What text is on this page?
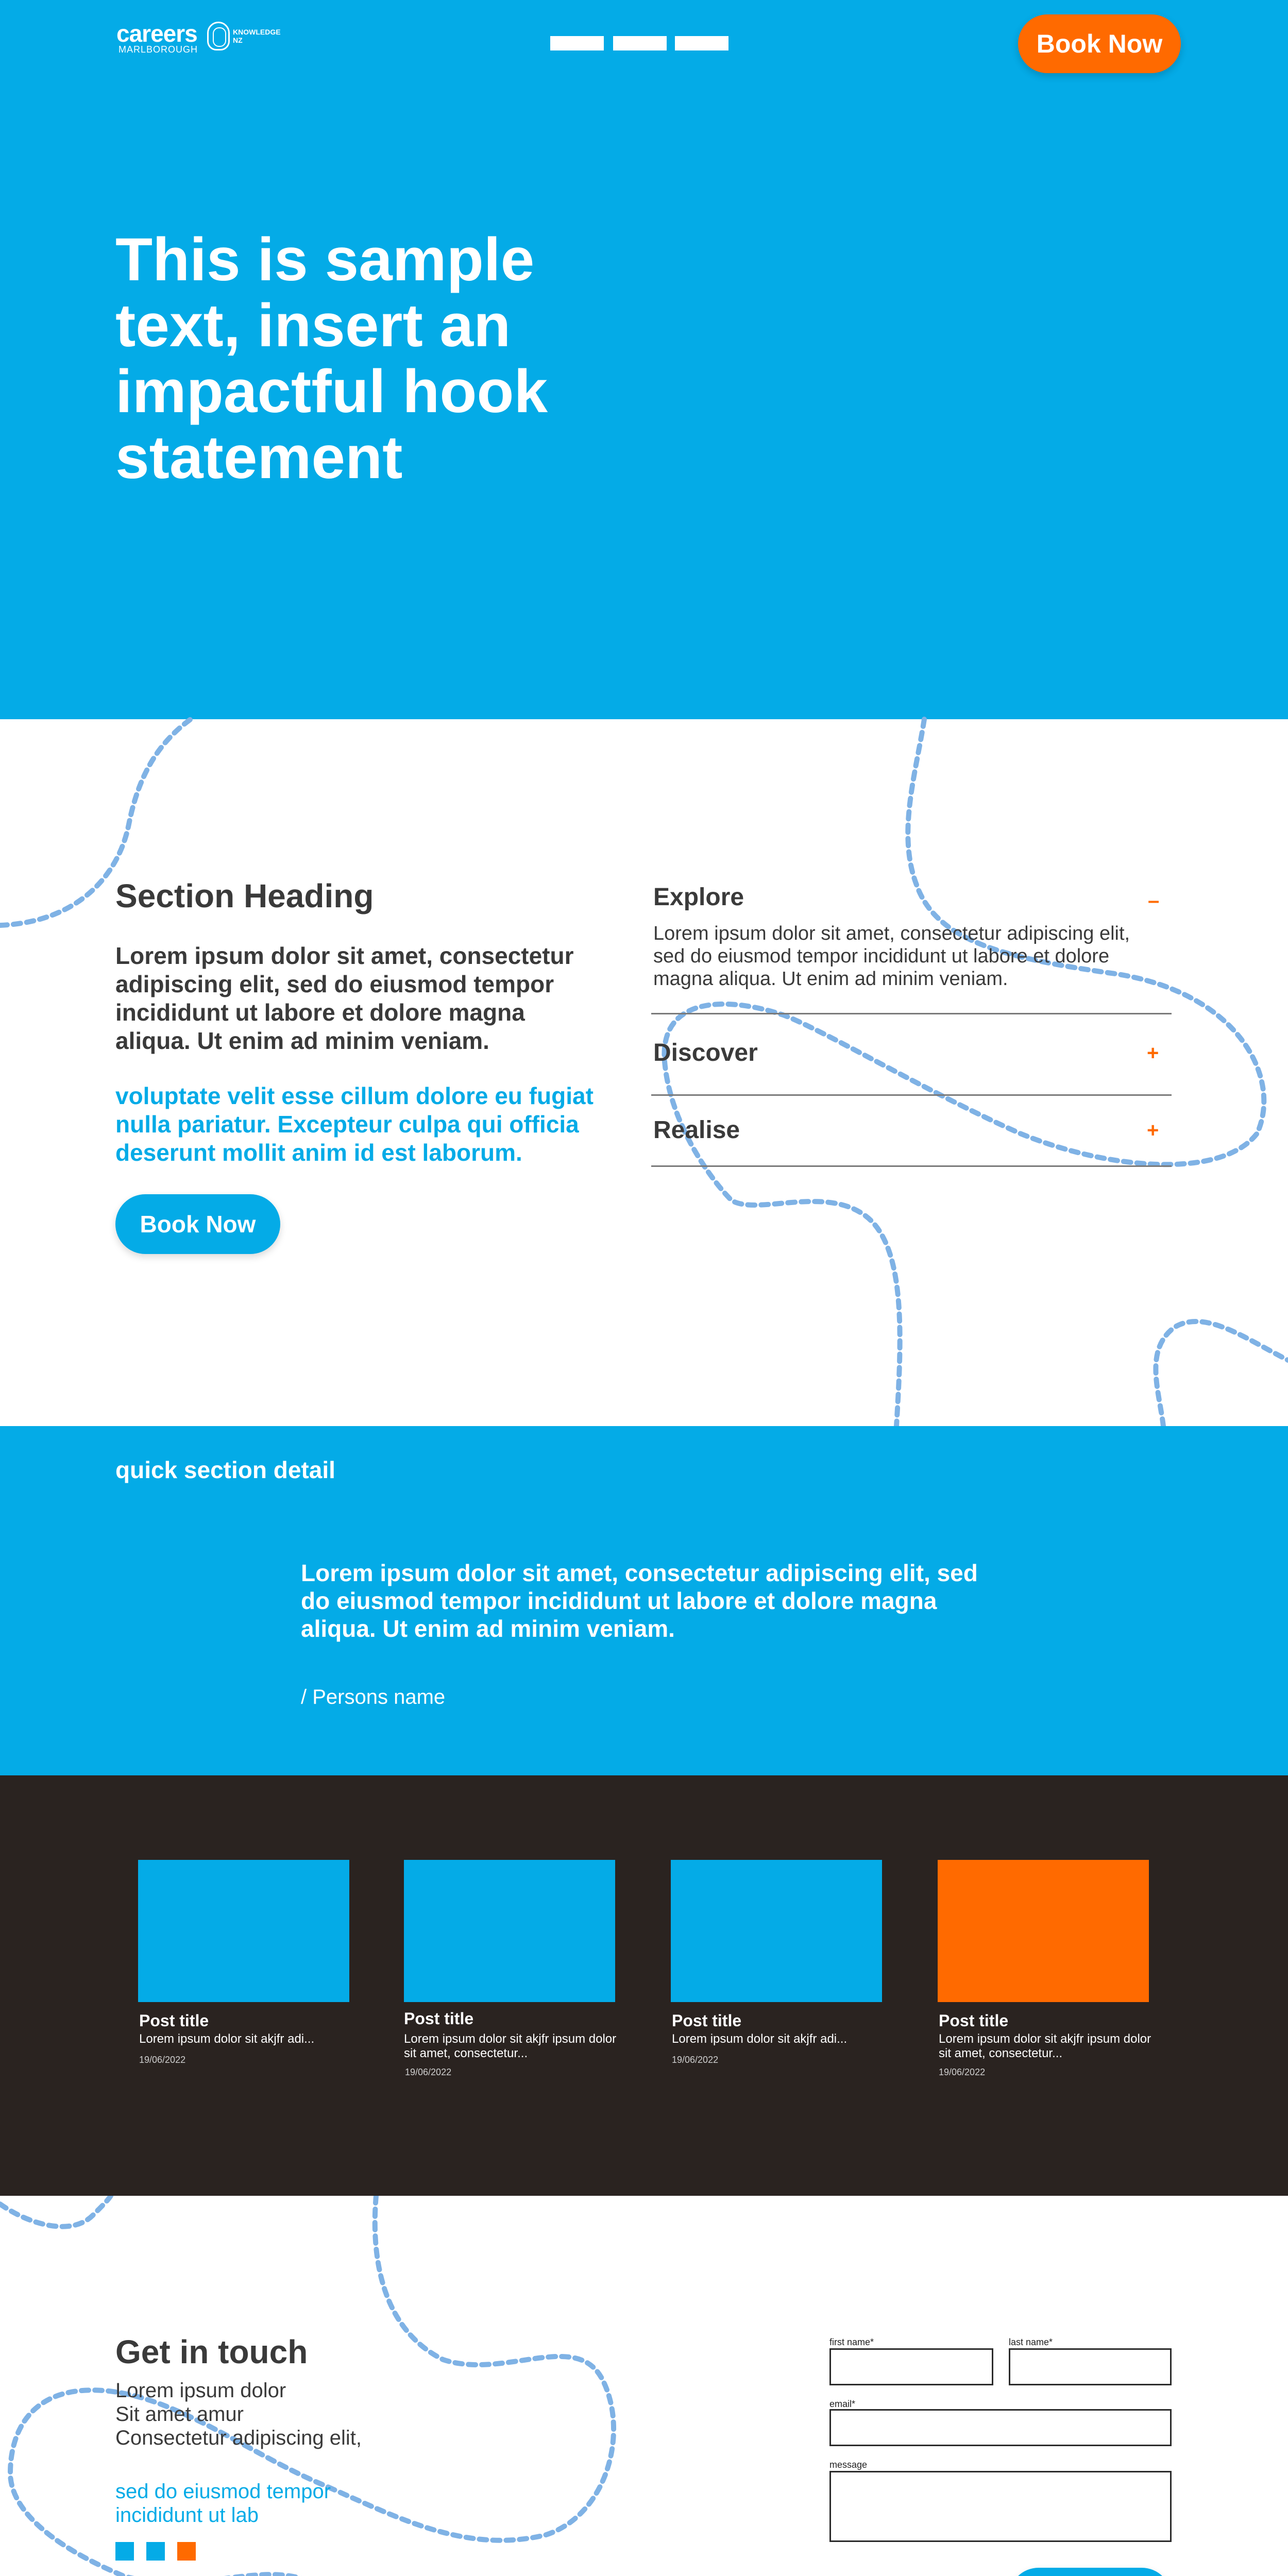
careers
MARLBOROUGH
KNOWLEDGE NZ	Book Now
This is sample text, insert an impactful hook statement
Section Heading

Lorem ipsum dolor sit amet, consectetur adipiscing elit, sed do eiusmod tempor incididunt ut labore et dolore magna aliqua. Ut enim ad minim veniam.

voluptate velit esse cillum dolore eu fugiat nulla pariatur. Excepteur culpa qui officia deserunt mollit anim id est laborum.

Book Now
Explore	–
Lorem ipsum dolor sit amet, consectetur adipiscing elit, sed do eiusmod tempor incididunt ut labore et dolore magna aliqua. Ut enim ad minim veniam.
Discover	+
Realise	+
quick section detail

Lorem ipsum dolor sit amet, consectetur adipiscing elit, sed do eiusmod tempor incididunt ut labore et dolore magna aliqua. Ut enim ad minim veniam.

/ Persons name
Post title
Lorem ipsum dolor sit akjfr adi...
19/06/2022
Post title
Lorem ipsum dolor sit akjfr ipsum dolor sit amet, consectetur...
19/06/2022
Post title
Lorem ipsum dolor sit akjfr adi...
19/06/2022
Post title
Lorem ipsum dolor sit akjfr ipsum dolor sit amet, consectetur...
19/06/2022
Get in touch
Lorem ipsum dolor
Sit amet amur
Consectetur adipiscing elit,
sed do eiusmod tempor
incididunt ut lab
first name*	last name*
email*
message
